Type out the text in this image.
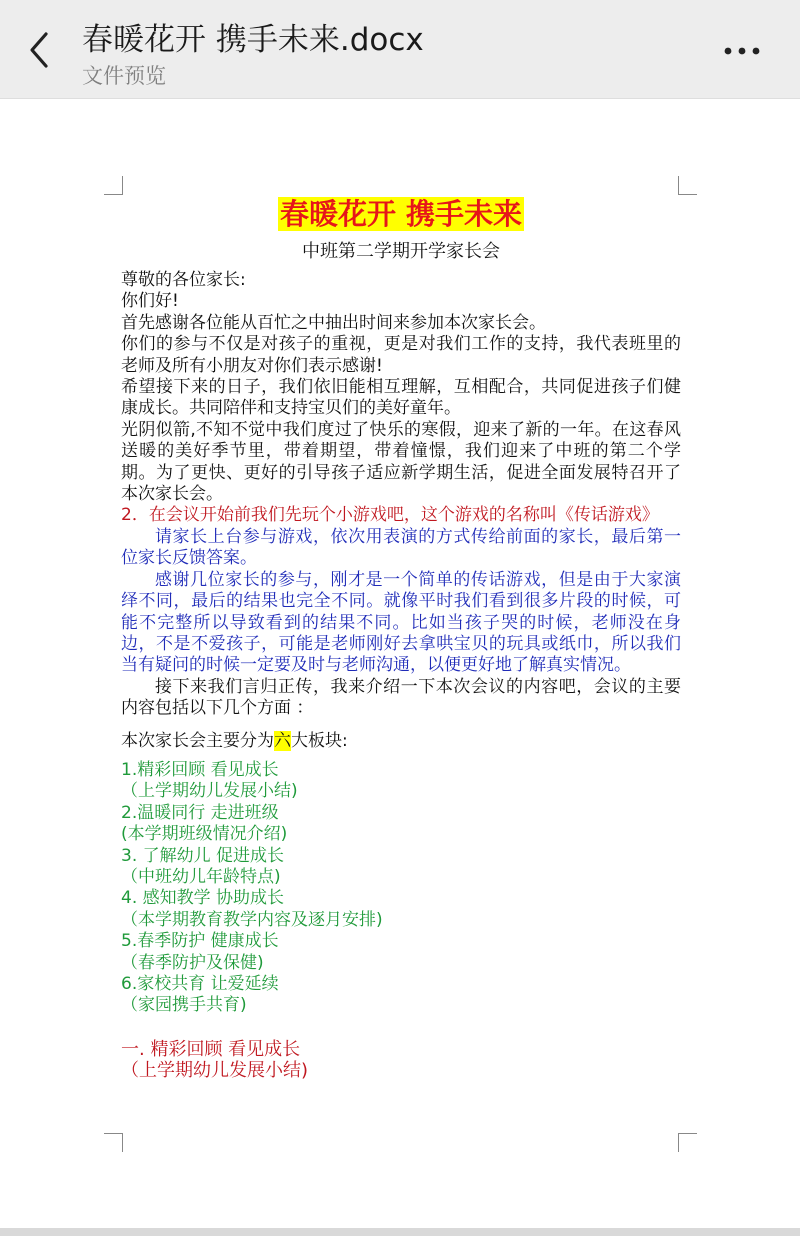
春暖花开 携手未来.docx
文件预览

春暖花开 携手未来

中班第二学期开学家长会

尊敬的各位家长:

你们好!

首先感谢各位能从百忙之中抽出时间来参加本次家长会。

你们的参与不仅是对孩子的重视，更是对我们工作的支持，我代表班里的老师及所有小朋友对你们表示感谢!

希望接下来的日子，我们依旧能相互理解，互相配合，共同促进孩子们健康成长。共同陪伴和支持宝贝们的美好童年。

光阴似箭,不知不觉中我们度过了快乐的寒假，迎来了新的一年。在这春风送暖的美好季节里，带着期望，带着憧憬，我们迎来了中班的第二个学期。为了更快、更好的引导孩子适应新学期生活，促进全面发展特召开了本次家长会。

2．在会议开始前我们先玩个小游戏吧，这个游戏的名称叫《传话游戏》

请家长上台参与游戏，依次用表演的方式传给前面的家长，最后第一位家长反馈答案。

感谢几位家长的参与，刚才是一个简单的传话游戏，但是由于大家演绎不同，最后的结果也完全不同。就像平时我们看到很多片段的时候，可能不完整所以导致看到的结果不同。比如当孩子哭的时候，老师没在身边，不是不爱孩子，可能是老师刚好去拿哄宝贝的玩具或纸巾，所以我们当有疑问的时候一定要及时与老师沟通，以便更好地了解真实情况。

接下来我们言归正传，我来介绍一下本次会议的内容吧，会议的主要内容包括以下几个方面 ：

本次家长会主要分为六大板块:

1.精彩回顾 看见成长

（上学期幼儿发展小结)

2.温暖同行 走进班级

(本学期班级情况介绍)

3. 了解幼儿 促进成长

（中班幼儿年龄特点)

4. 感知教学 协助成长

（本学期教育教学内容及逐月安排)

5.春季防护 健康成长

（春季防护及保健)

6.家校共育 让爱延续

（家园携手共育)

一. 精彩回顾 看见成长

（上学期幼儿发展小结)
